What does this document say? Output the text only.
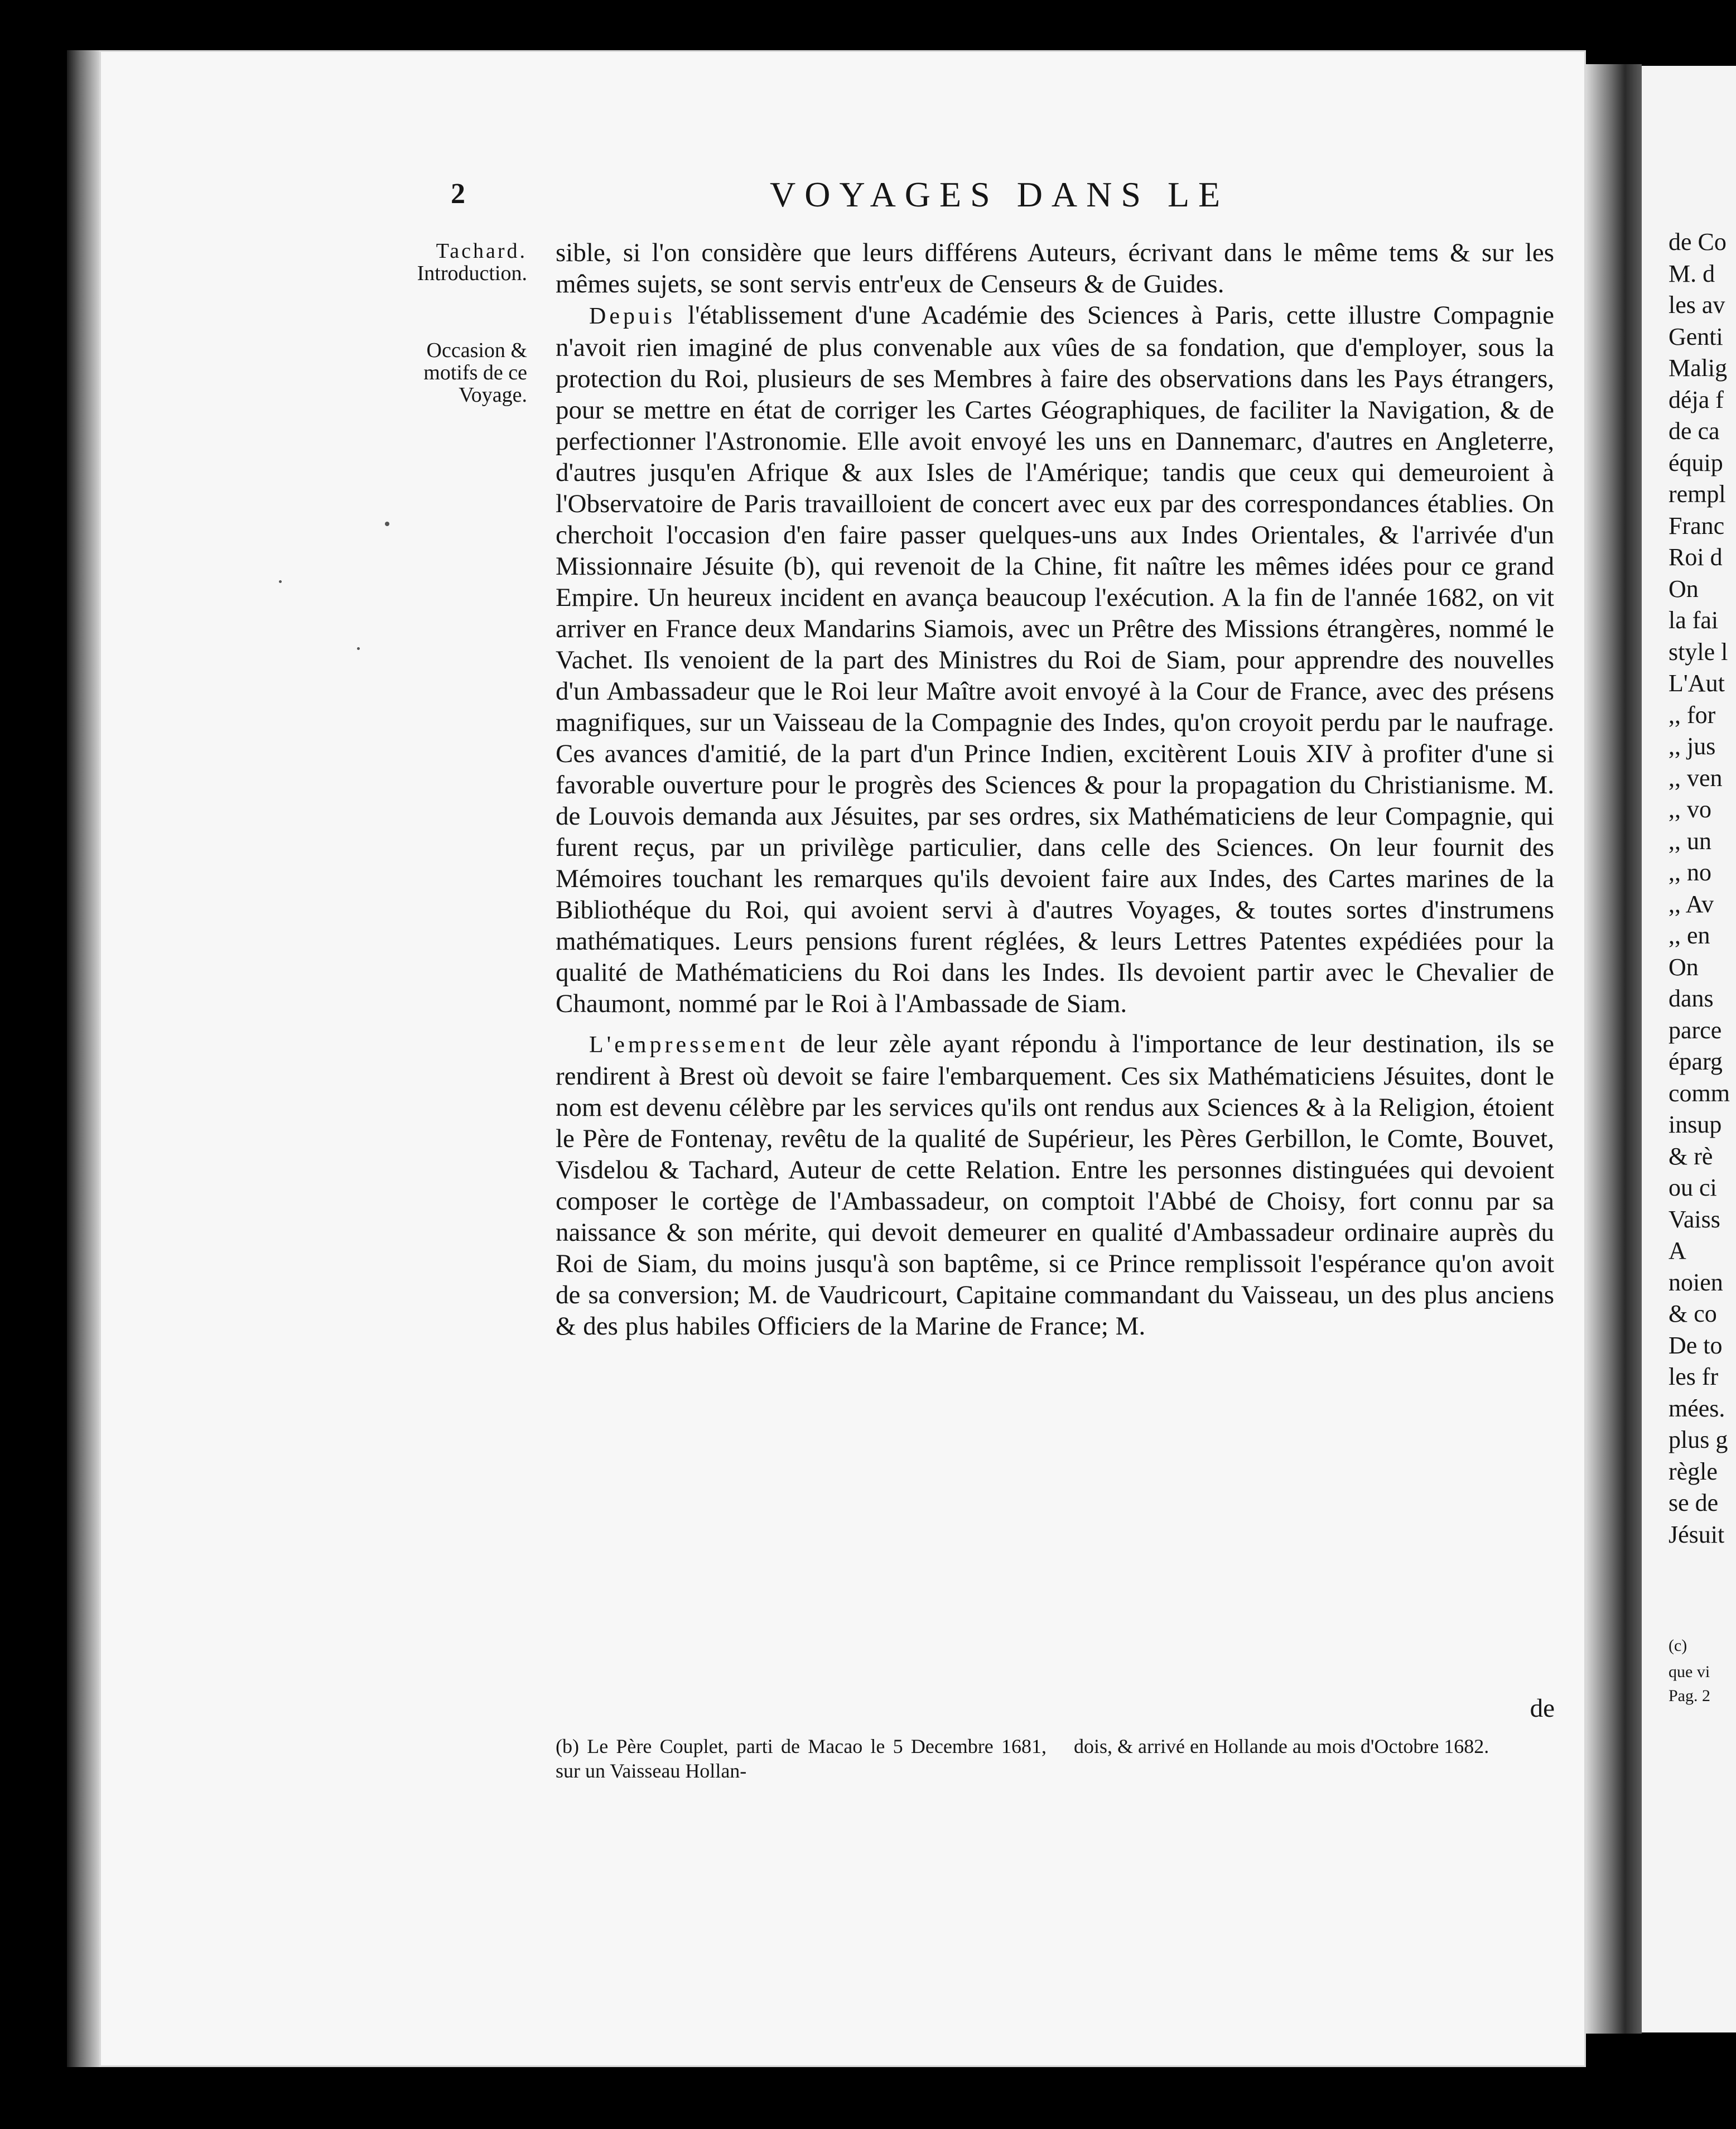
de Co
M. d
les av
Genti
Malig
déja f
de ca
équip
rempl
Franc
Roi d
On
la fai
style l
L'Aut
,, for
,, jus
,, ven
,, vo
,, un
,, no
,, Av
,, en
On
dans
parce
éparg
comm
insup
& rè
ou ci
Vaiss
A
noien
& co
De to
les fr
mées.
plus g
règle
se de
Jésuit
(c)
que vi
Pag. 2
2	VOYAGES DANS LE
Tachard.
Introduction.
Occasion &
motifs de ce
Voyage.

sible, si l'on considère que leurs différens Auteurs, écrivant dans le même tems & sur les mêmes sujets, se sont servis entr'eux de Censeurs & de Guides.

Depuis l'établissement d'une Académie des Sciences à Paris, cette illustre Compagnie n'avoit rien imaginé de plus convenable aux vûes de sa fondation, que d'employer, sous la protection du Roi, plusieurs de ses Membres à faire des observations dans les Pays étrangers, pour se mettre en état de corriger les Cartes Géographiques, de faciliter la Navigation, & de perfectionner l'Astronomie. Elle avoit envoyé les uns en Dannemarc, d'autres en Angleterre, d'autres jusqu'en Afrique & aux Isles de l'Amérique; tandis que ceux qui demeuroient à l'Observatoire de Paris travailloient de concert avec eux par des correspondances établies. On cherchoit l'occasion d'en faire passer quelques-uns aux Indes Orientales, & l'arrivée d'un Missionnaire Jésuite (b), qui revenoit de la Chine, fit naître les mêmes idées pour ce grand Empire. Un heureux incident en avança beaucoup l'exécution. A la fin de l'année 1682, on vit arriver en France deux Mandarins Siamois, avec un Prêtre des Missions étrangères, nommé le Vachet. Ils venoient de la part des Ministres du Roi de Siam, pour apprendre des nouvelles d'un Ambassadeur que le Roi leur Maître avoit envoyé à la Cour de France, avec des présens magnifiques, sur un Vaisseau de la Compagnie des Indes, qu'on croyoit perdu par le naufrage. Ces avances d'amitié, de la part d'un Prince Indien, excitèrent Louis XIV à profiter d'une si favorable ouverture pour le progrès des Sciences & pour la propagation du Christianisme. M. de Louvois demanda aux Jésuites, par ses ordres, six Mathématiciens de leur Compagnie, qui furent reçus, par un privilège particulier, dans celle des Sciences. On leur fournit des Mémoires touchant les remarques qu'ils devoient faire aux Indes, des Cartes marines de la Bibliothéque du Roi, qui avoient servi à d'autres Voyages, & toutes sortes d'instrumens mathématiques. Leurs pensions furent réglées, & leurs Lettres Patentes expédiées pour la qualité de Mathématiciens du Roi dans les Indes. Ils devoient partir avec le Chevalier de Chaumont, nommé par le Roi à l'Ambassade de Siam.

L'empressement de leur zèle ayant répondu à l'importance de leur destination, ils se rendirent à Brest où devoit se faire l'embarquement. Ces six Mathématiciens Jésuites, dont le nom est devenu célèbre par les services qu'ils ont rendus aux Sciences & à la Religion, étoient le Père de Fontenay, revêtu de la qualité de Supérieur, les Pères Gerbillon, le Comte, Bouvet, Visdelou & Tachard, Auteur de cette Relation. Entre les personnes distinguées qui devoient composer le cortège de l'Ambassadeur, on comptoit l'Abbé de Choisy, fort connu par sa naissance & son mérite, qui devoit demeurer en qualité d'Ambassadeur ordinaire auprès du Roi de Siam, du moins jusqu'à son baptême, si ce Prince remplissoit l'espérance qu'on avoit de sa conversion; M. de Vaudricourt, Capitaine commandant du Vaisseau, un des plus anciens & des plus habiles Officiers de la Marine de France; M.

de
(b) Le Père Couplet, parti de Macao le 5 Decembre 1681, sur un Vaisseau Hollan-
dois, & arrivé en Hollande au mois d'Octobre 1682.
